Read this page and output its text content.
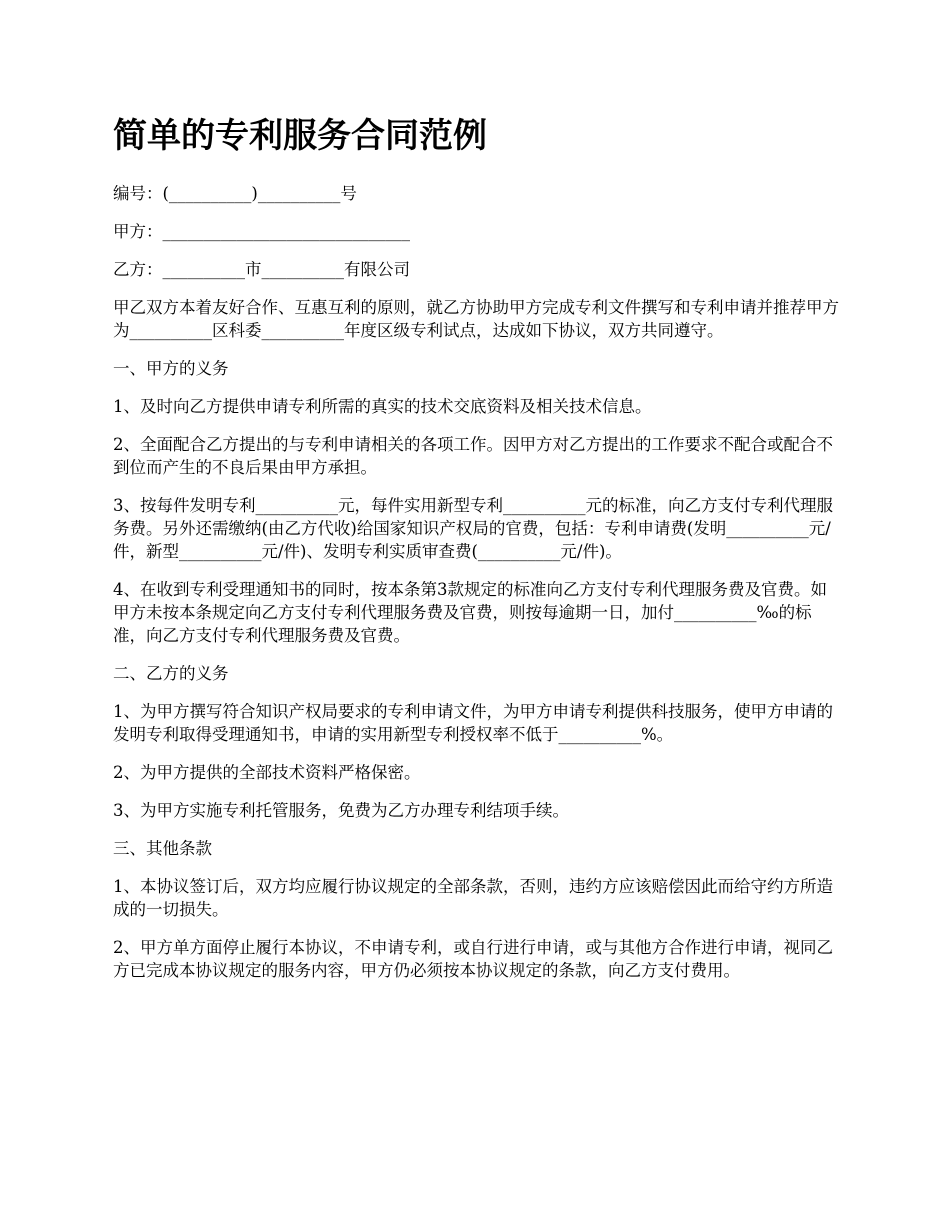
简单的专利服务合同范例

编号：(__________)__________号

甲方：______________________________

乙方：__________市__________有限公司

甲乙双方本着友好合作、互惠互利的原则，就乙方协助甲方完成专利文件撰写和专利申请并推荐甲方为__________区科委__________年度区级专利试点，达成如下协议，双方共同遵守。

一、甲方的义务

1、及时向乙方提供申请专利所需的真实的技术交底资料及相关技术信息。

2、全面配合乙方提出的与专利申请相关的各项工作。因甲方对乙方提出的工作要求不配合或配合不到位而产生的不良后果由甲方承担。

3、按每件发明专利__________元，每件实用新型专利__________元的标准，向乙方支付专利代理服务费。另外还需缴纳(由乙方代收)给国家知识产权局的官费，包括：专利申请费(发明__________元/件，新型__________元/件)、发明专利实质审查费(__________元/件)。

4、在收到专利受理通知书的同时，按本条第3款规定的标准向乙方支付专利代理服务费及官费。如甲方未按本条规定向乙方支付专利代理服务费及官费，则按每逾期一日，加付__________‰的标准，向乙方支付专利代理服务费及官费。

二、乙方的义务

1、为甲方撰写符合知识产权局要求的专利申请文件，为甲方申请专利提供科技服务，使甲方申请的发明专利取得受理通知书，申请的实用新型专利授权率不低于__________%。

2、为甲方提供的全部技术资料严格保密。

3、为甲方实施专利托管服务，免费为乙方办理专利结项手续。

三、其他条款

1、本协议签订后，双方均应履行协议规定的全部条款，否则，违约方应该赔偿因此而给守约方所造成的一切损失。

2、甲方单方面停止履行本协议，不申请专利，或自行进行申请，或与其他方合作进行申请，视同乙方已完成本协议规定的服务内容，甲方仍必须按本协议规定的条款，向乙方支付费用。
